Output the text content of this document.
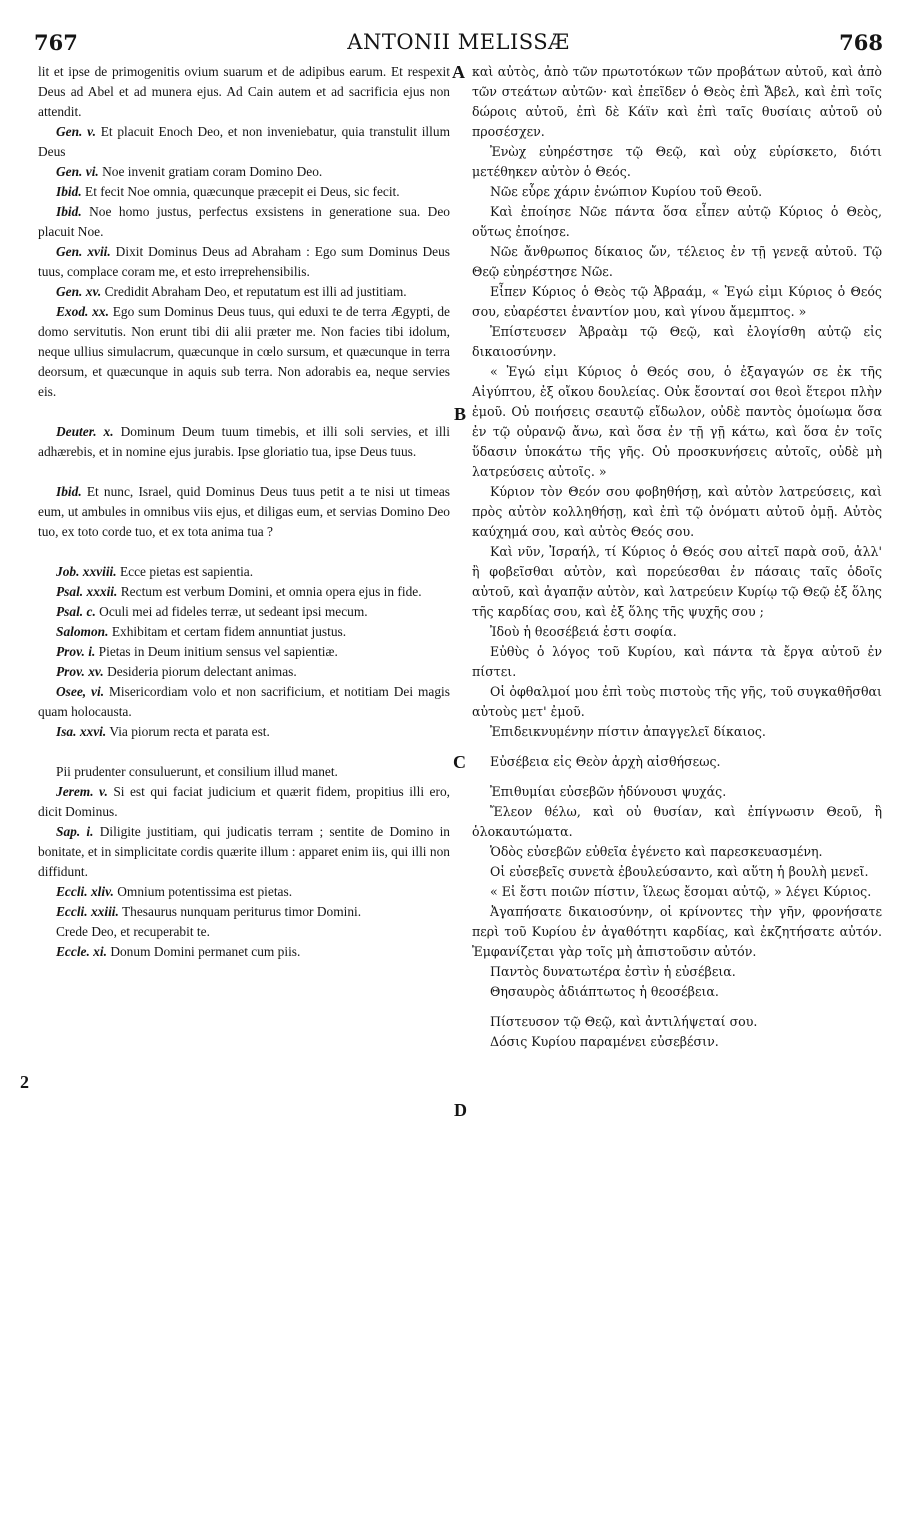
767	ANTONII MELISSÆ	768
A
B
C
D
2

lit et ipse de primogenitis ovium suarum et de adipibus earum. Et respexit Deus ad Abel et ad munera ejus. Ad Cain autem et ad sacrificia ejus non attendit.

Gen. v. Et placuit Enoch Deo, et non inveniebatur, quia transtulit illum Deus

Gen. vi. Noe invenit gratiam coram Domino Deo.

Ibid. Et fecit Noe omnia, quæcunque præcepit ei Deus, sic fecit.

Ibid. Noe homo justus, perfectus exsistens in generatione sua. Deo placuit Noe.

Gen. xvii. Dixit Dominus Deus ad Abraham : Ego sum Dominus Deus tuus, complace coram me, et esto irreprehensibilis.

Gen. xv. Credidit Abraham Deo, et reputatum est illi ad justitiam.

Exod. xx. Ego sum Dominus Deus tuus, qui eduxi te de terra Ægypti, de domo servitutis. Non erunt tibi dii alii præter me. Non facies tibi idolum, neque ullius simulacrum, quæcunque in cœlo sursum, et quæcunque in terra deorsum, et quæcunque in aquis sub terra. Non adorabis ea, neque servies eis.

Deuter. x. Dominum Deum tuum timebis, et illi soli servies, et illi adhærebis, et in nomine ejus jurabis. Ipse gloriatio tua, ipse Deus tuus.

Ibid. Et nunc, Israel, quid Dominus Deus tuus petit a te nisi ut timeas eum, ut ambules in omnibus viis ejus, et diligas eum, et servias Domino Deo tuo, ex toto corde tuo, et ex tota anima tua ?

Job. xxviii. Ecce pietas est sapientia.

Psal. xxxii. Rectum est verbum Domini, et omnia opera ejus in fide.

Psal. c. Oculi mei ad fideles terræ, ut sedeant ipsi mecum.

Salomon. Exhibitam et certam fidem annuntiat justus.

Prov. i. Pietas in Deum initium sensus vel sapientiæ.

Prov. xv. Desideria piorum delectant animas.

Osee, vi. Misericordiam volo et non sacrificium, et notitiam Dei magis quam holocausta.

Isa. xxvi. Via piorum recta et parata est.

Pii prudenter consuluerunt, et consilium illud manet.

Jerem. v. Si est qui faciat judicium et quærit fidem, propitius illi ero, dicit Dominus.

Sap. i. Diligite justitiam, qui judicatis terram ; sentite de Domino in bonitate, et in simplicitate cordis quærite illum : apparet enim iis, qui illi non diffidunt.

Eccli. xliv. Omnium potentissima est pietas.

Eccli. xxiii. Thesaurus nunquam periturus timor Domini.

Crede Deo, et recuperabit te.

Eccle. xi. Donum Domini permanet cum piis.

καὶ αὐτὸς, ἀπὸ τῶν πρωτοτόκων τῶν προβάτων αὐτοῦ, καὶ ἀπὸ τῶν στεάτων αὐτῶν· καὶ ἐπεῖδεν ὁ Θεὸς ἐπὶ Ἄβελ, καὶ ἐπὶ τοῖς δώροις αὐτοῦ, ἐπὶ δὲ Κάϊν καὶ ἐπὶ ταῖς θυσίαις αὐτοῦ οὐ προσέσχεν.

Ἐνὼχ εὐηρέστησε τῷ Θεῷ, καὶ οὐχ εὑρίσκετο, διότι μετέθηκεν αὐτὸν ὁ Θεός.

Νῶε εὗρε χάριν ἐνώπιον Κυρίου τοῦ Θεοῦ.

Καὶ ἐποίησε Νῶε πάντα ὅσα εἶπεν αὐτῷ Κύριος ὁ Θεὸς, οὕτως ἐποίησε.

Νῶε ἄνθρωπος δίκαιος ὤν, τέλειος ἐν τῇ γενεᾷ αὐτοῦ. Τῷ Θεῷ εὐηρέστησε Νῶε.

Εἶπεν Κύριος ὁ Θεὸς τῷ Ἀβραάμ, « Ἐγώ εἰμι Κύριος ὁ Θεός σου, εὐαρέστει ἐναντίον μου, καὶ γίνου ἄμεμπτος. »

Ἐπίστευσεν Ἀβραὰμ τῷ Θεῷ, καὶ ἐλογίσθη αὐτῷ εἰς δικαιοσύνην.

« Ἐγώ εἰμι Κύριος ὁ Θεός σου, ὁ ἐξαγαγών σε ἐκ τῆς Αἰγύπτου, ἐξ οἴκου δουλείας. Οὐκ ἔσονταί σοι θεοὶ ἕτεροι πλὴν ἐμοῦ. Οὐ ποιήσεις σεαυτῷ εἴδωλον, οὐδὲ παντὸς ὁμοίωμα ὅσα ἐν τῷ οὐρανῷ ἄνω, καὶ ὅσα ἐν τῇ γῇ κάτω, καὶ ὅσα ἐν τοῖς ὕδασιν ὑποκάτω τῆς γῆς. Οὐ προσκυνήσεις αὐτοῖς, οὐδὲ μὴ λατρεύσεις αὐτοῖς. »

Κύριον τὸν Θεόν σου φοβηθήσῃ, καὶ αὐτὸν λατρεύσεις, καὶ πρὸς αὐτὸν κολληθήσῃ, καὶ ἐπὶ τῷ ὀνόματι αὐτοῦ ὀμῇ. Αὐτὸς καύχημά σου, καὶ αὐτὸς Θεός σου.

Καὶ νῦν, Ἰσραήλ, τί Κύριος ὁ Θεός σου αἰτεῖ παρὰ σοῦ, ἀλλ' ἢ φοβεῖσθαι αὐτὸν, καὶ πορεύεσθαι ἐν πάσαις ταῖς ὁδοῖς αὐτοῦ, καὶ ἀγαπᾷν αὐτὸν, καὶ λατρεύειν Κυρίῳ τῷ Θεῷ ἐξ ὅλης τῆς καρδίας σου, καὶ ἐξ ὅλης τῆς ψυχῆς σου ;

Ἰδοὺ ἡ θεοσέβειά ἐστι σοφία.

Εὐθὺς ὁ λόγος τοῦ Κυρίου, καὶ πάντα τὰ ἔργα αὐτοῦ ἐν πίστει.

Οἱ ὀφθαλμοί μου ἐπὶ τοὺς πιστοὺς τῆς γῆς, τοῦ συγκαθῆσθαι αὐτοὺς μετ' ἐμοῦ.

Ἐπιδεικνυμένην πίστιν ἀπαγγελεῖ δίκαιος.

Εὐσέβεια εἰς Θεὸν ἀρχὴ αἰσθήσεως.

Ἐπιθυμίαι εὐσεβῶν ἡδύνουσι ψυχάς.

Ἔλεον θέλω, καὶ οὐ θυσίαν, καὶ ἐπίγνωσιν Θεοῦ, ἢ ὁλοκαυτώματα.

Ὁδὸς εὐσεβῶν εὐθεῖα ἐγένετο καὶ παρεσκευασμένη.

Οἱ εὐσεβεῖς συνετὰ ἐβουλεύσαντο, καὶ αὕτη ἡ βουλὴ μενεῖ.

« Εἰ ἔστι ποιῶν πίστιν, ἵλεως ἔσομαι αὐτῷ, » λέγει Κύριος.

Ἀγαπήσατε δικαιοσύνην, οἱ κρίνοντες τὴν γῆν, φρονήσατε περὶ τοῦ Κυρίου ἐν ἀγαθότητι καρδίας, καὶ ἐκζητήσατε αὐτόν. Ἐμφανίζεται γὰρ τοῖς μὴ ἀπιστοῦσιν αὐτόν.

Παντὸς δυνατωτέρα ἐστὶν ἡ εὐσέβεια.

Θησαυρὸς ἀδιάπτωτος ἡ θεοσέβεια.

Πίστευσον τῷ Θεῷ, καὶ ἀντιλήψεταί σου.

Δόσις Κυρίου παραμένει εὐσεβέσιν.
